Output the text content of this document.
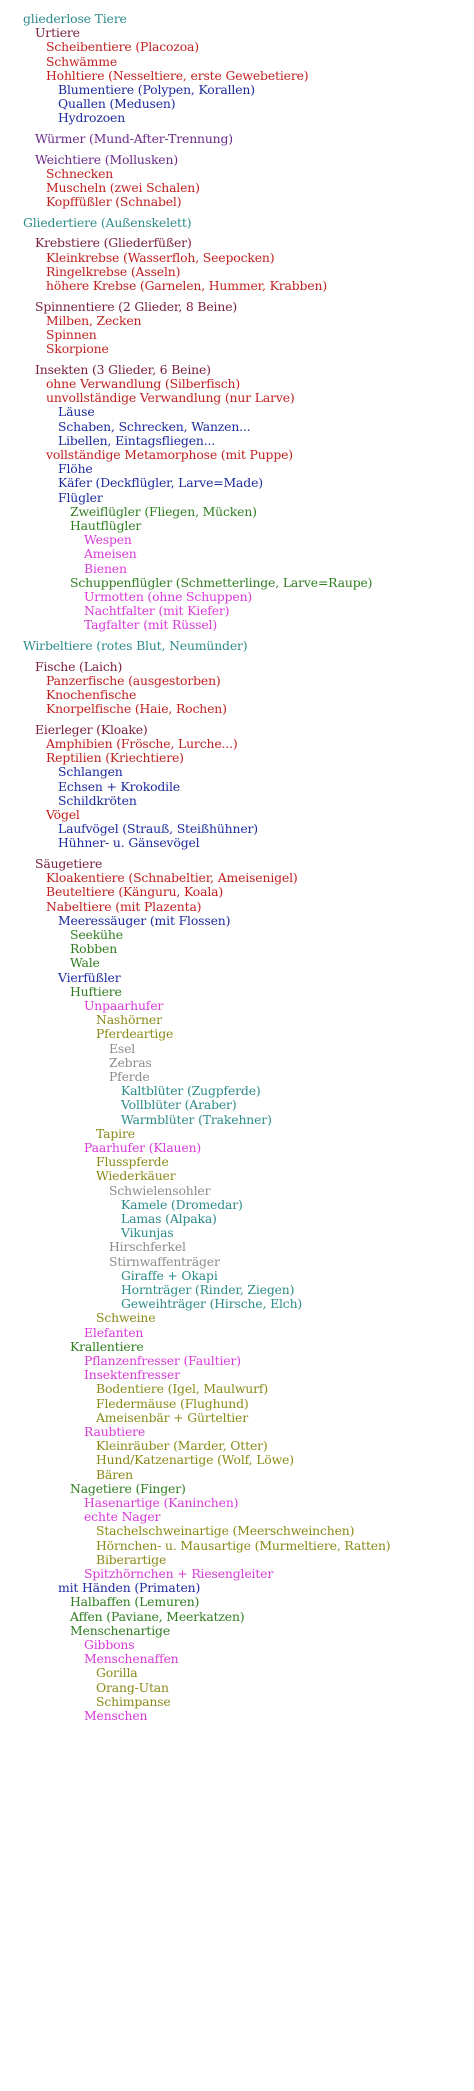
gliederlose Tiere
Urtiere
Scheibentiere (Placozoa)
Schwämme
Hohltiere (Nesseltiere, erste Gewebetiere)
Blumentiere (Polypen, Korallen)
Quallen (Medusen)
Hydrozoen
Würmer (Mund-After-Trennung)
Weichtiere (Mollusken)
Schnecken
Muscheln (zwei Schalen)
Kopffüßler (Schnabel)
Gliedertiere (Außenskelett)
Krebstiere (Gliederfüßer)
Kleinkrebse (Wasserfloh, Seepocken)
Ringelkrebse (Asseln)
höhere Krebse (Garnelen, Hummer, Krabben)
Spinnentiere (2 Glieder, 8 Beine)
Milben, Zecken
Spinnen
Skorpione
Insekten (3 Glieder, 6 Beine)
ohne Verwandlung (Silberfisch)
unvollständige Verwandlung (nur Larve)
Läuse
Schaben, Schrecken, Wanzen...
Libellen, Eintagsfliegen...
vollständige Metamorphose (mit Puppe)
Flöhe
Käfer (Deckflügler, Larve=Made)
Flügler
Zweiflügler (Fliegen, Mücken)
Hautflügler
Wespen
Ameisen
Bienen
Schuppenflügler (Schmetterlinge, Larve=Raupe)
Urmotten (ohne Schuppen)
Nachtfalter (mit Kiefer)
Tagfalter (mit Rüssel)
Wirbeltiere (rotes Blut, Neumünder)
Fische (Laich)
Panzerfische (ausgestorben)
Knochenfische
Knorpelfische (Haie, Rochen)
Eierleger (Kloake)
Amphibien (Frösche, Lurche...)
Reptilien (Kriechtiere)
Schlangen
Echsen + Krokodile
Schildkröten
Vögel
Laufvögel (Strauß, Steißhühner)
Hühner- u. Gänsevögel
Säugetiere
Kloakentiere (Schnabeltier, Ameisenigel)
Beuteltiere (Känguru, Koala)
Nabeltiere (mit Plazenta)
Meeressäuger (mit Flossen)
Seekühe
Robben
Wale
Vierfüßler
Huftiere
Unpaarhufer
Nashörner
Pferdeartige
Esel
Zebras
Pferde
Kaltblüter (Zugpferde)
Vollblüter (Araber)
Warmblüter (Trakehner)
Tapire
Paarhufer (Klauen)
Flusspferde
Wiederkäuer
Schwielensohler
Kamele (Dromedar)
Lamas (Alpaka)
Vikunjas
Hirschferkel
Stirnwaffenträger
Giraffe + Okapi
Hornträger (Rinder, Ziegen)
Geweihträger (Hirsche, Elch)
Schweine
Elefanten
Krallentiere
Pflanzenfresser (Faultier)
Insektenfresser
Bodentiere (Igel, Maulwurf)
Fledermäuse (Flughund)
Ameisenbär + Gürteltier
Raubtiere
Kleinräuber (Marder, Otter)
Hund/Katzenartige (Wolf, Löwe)
Bären
Nagetiere (Finger)
Hasenartige (Kaninchen)
echte Nager
Stachelschweinartige (Meerschweinchen)
Hörnchen- u. Mausartige (Murmeltiere, Ratten)
Biberartige
Spitzhörnchen + Riesengleiter
mit Händen (Primaten)
Halbaffen (Lemuren)
Affen (Paviane, Meerkatzen)
Menschenartige
Gibbons
Menschenaffen
Gorilla
Orang-Utan
Schimpanse
Menschen
